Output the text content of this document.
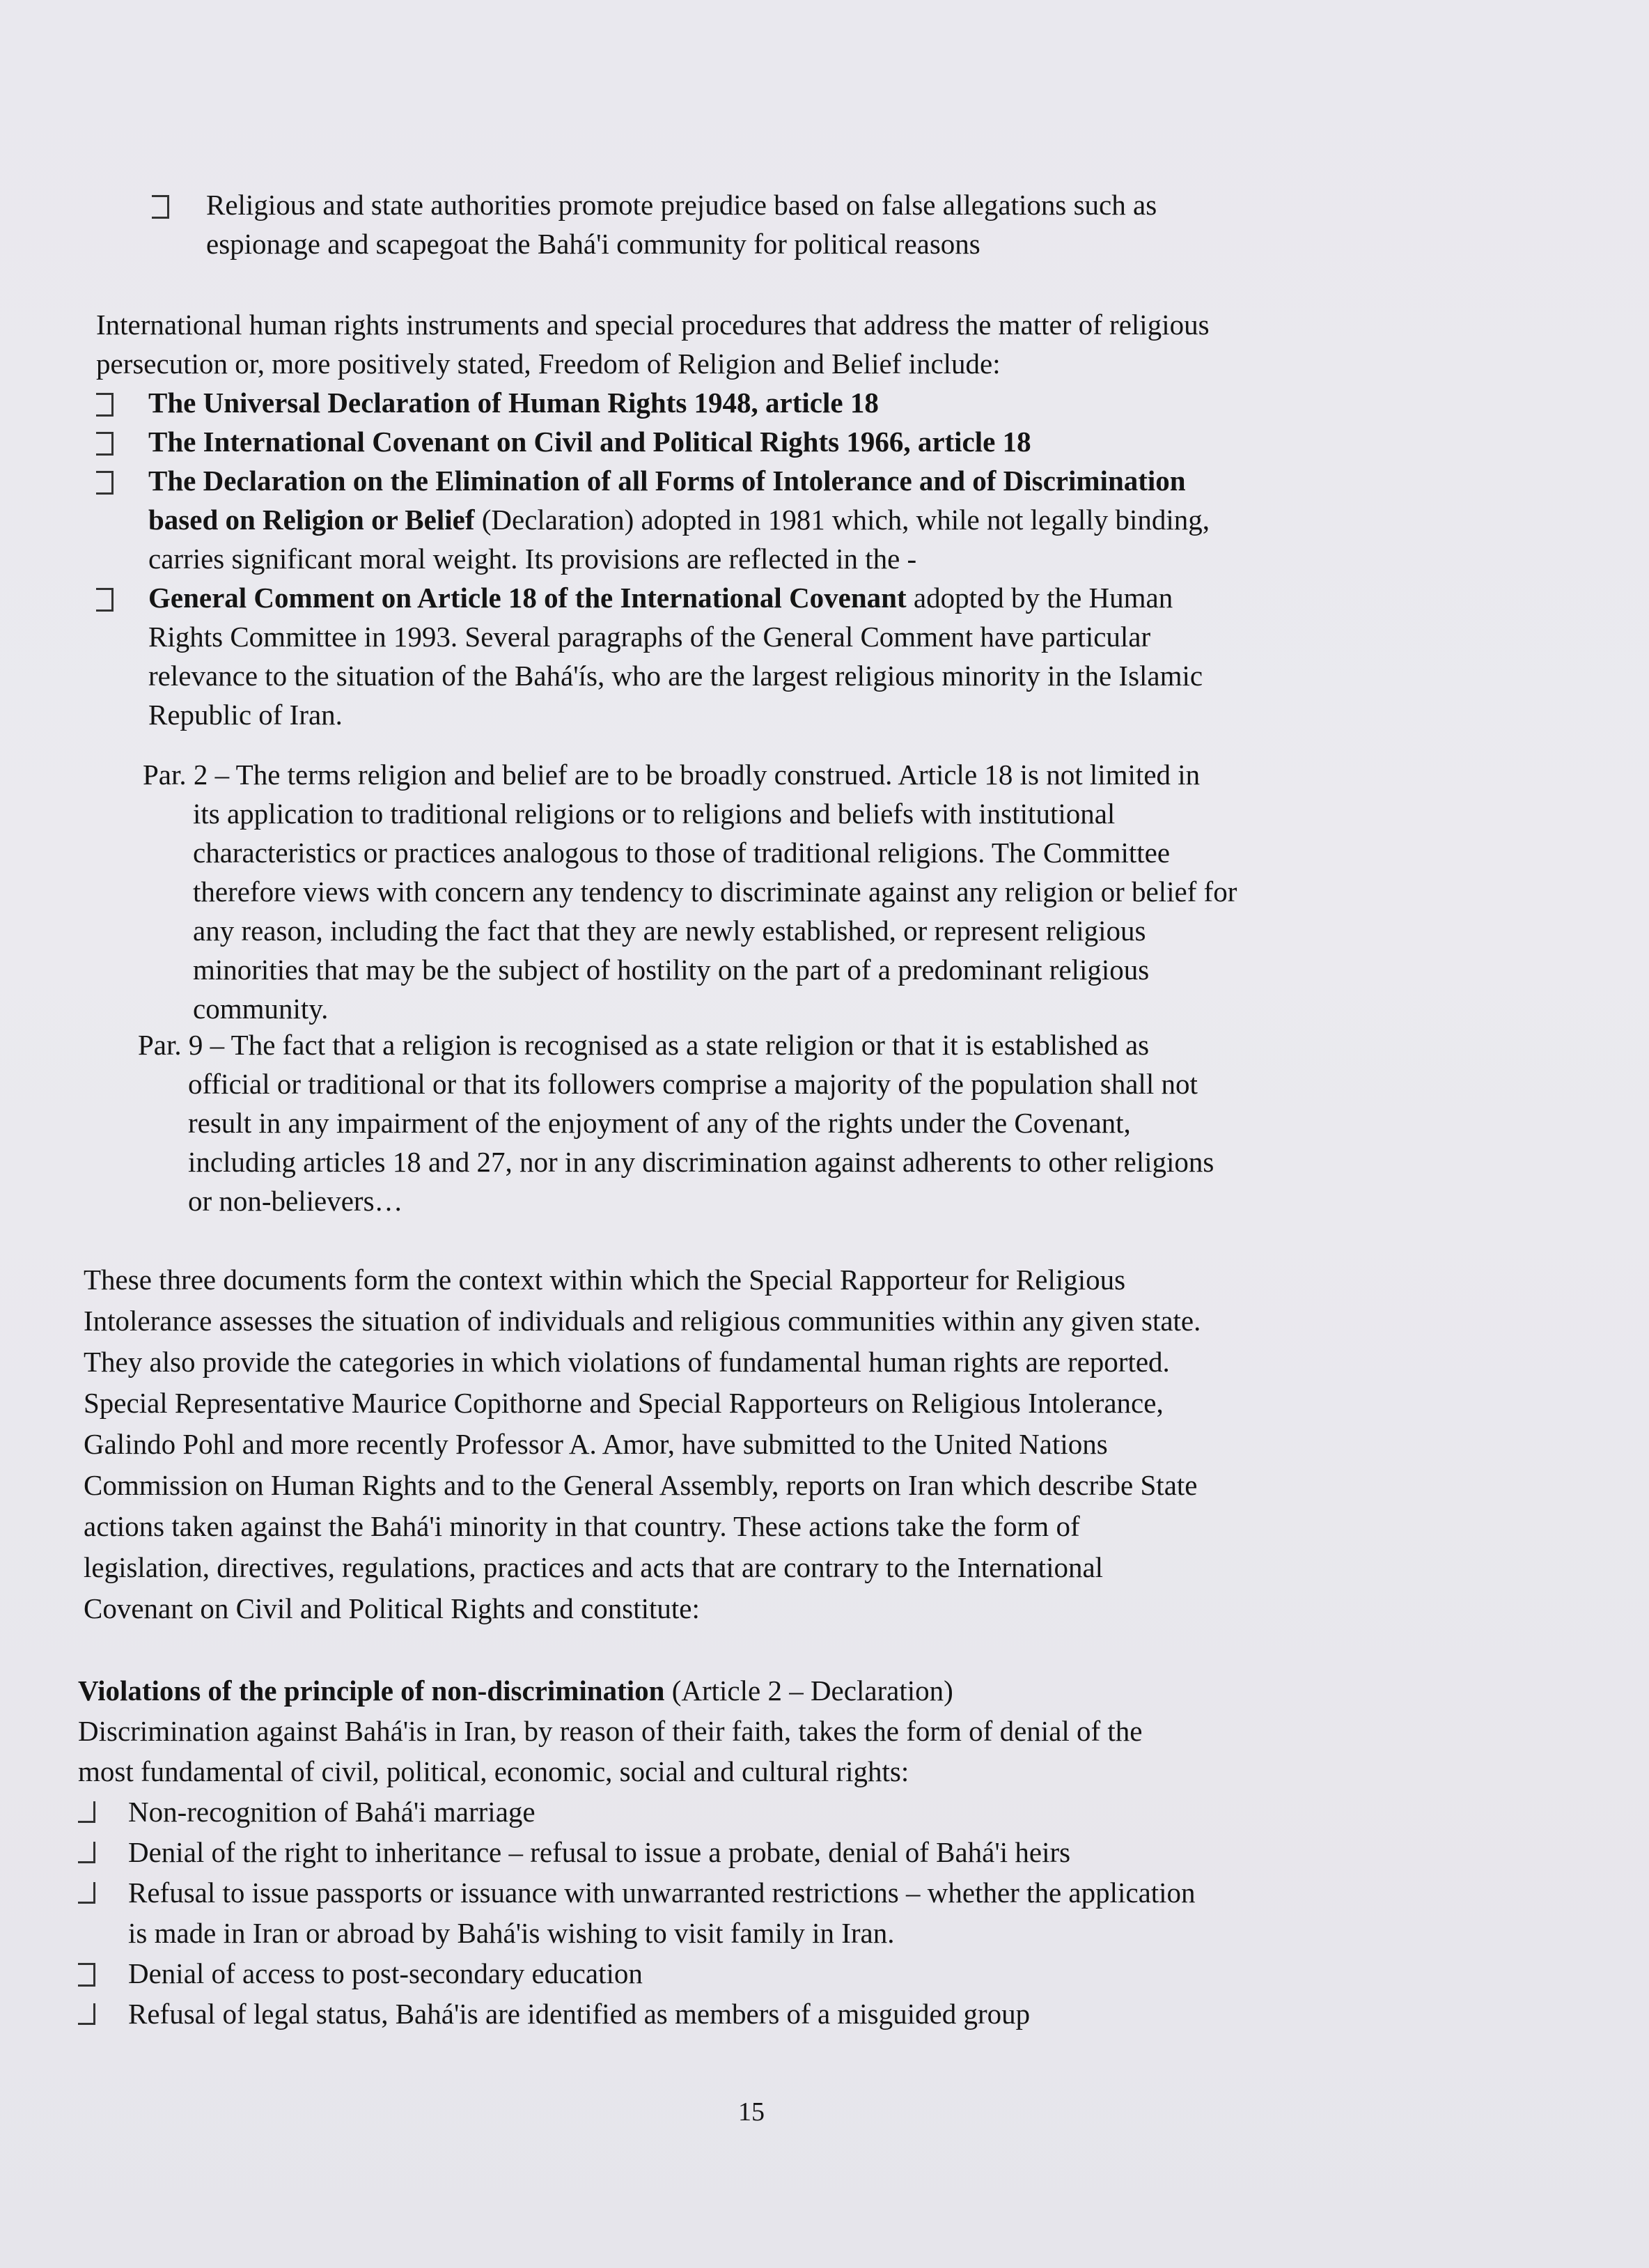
Religious and state authorities promote prejudice based on false allegations such as
espionage and scapegoat the Bahá'i community for political reasons
International human rights instruments and special procedures that address the matter of religious
persecution or, more positively stated, Freedom of Religion and Belief include:
The Universal Declaration of Human Rights 1948, article 18
The International Covenant on Civil and Political Rights 1966, article 18
The Declaration on the Elimination of all Forms of Intolerance and of Discrimination
based on Religion or Belief (Declaration) adopted in 1981 which, while not legally binding,
carries significant moral weight. Its provisions are reflected in the -
General Comment on Article 18 of the International Covenant adopted by the Human
Rights Committee in 1993. Several paragraphs of the General Comment have particular
relevance to the situation of the Bahá'ís, who are the largest religious minority in the Islamic
Republic of Iran.
Par. 2 – The terms religion and belief are to be broadly construed. Article 18 is not limited in
its application to traditional religions or to religions and beliefs with institutional
characteristics or practices analogous to those of traditional religions. The Committee
therefore views with concern any tendency to discriminate against any religion or belief for
any reason, including the fact that they are newly established, or represent religious
minorities that may be the subject of hostility on the part of a predominant religious
community.
Par. 9 – The fact that a religion is recognised as a state religion or that it is established as
official or traditional or that its followers comprise a majority of the population shall not
result in any impairment of the enjoyment of any of the rights under the Covenant,
including articles 18 and 27, nor in any discrimination against adherents to other religions
or non-believers…
These three documents form the context within which the Special Rapporteur for Religious
Intolerance assesses the situation of individuals and religious communities within any given state.
They also provide the categories in which violations of fundamental human rights are reported.
Special Representative Maurice Copithorne and Special Rapporteurs on Religious Intolerance,
Galindo Pohl and more recently Professor A. Amor, have submitted to the United Nations
Commission on Human Rights and to the General Assembly, reports on Iran which describe State
actions taken against the Bahá'i minority in that country. These actions take the form of
legislation, directives, regulations, practices and acts that are contrary to the International
Covenant on Civil and Political Rights and constitute:
Violations of the principle of non-discrimination (Article 2 – Declaration)
Discrimination against Bahá'is in Iran, by reason of their faith, takes the form of denial of the
most fundamental of civil, political, economic, social and cultural rights:
Non-recognition of Bahá'i marriage
Denial of the right to inheritance – refusal to issue a probate, denial of Bahá'i heirs
Refusal to issue passports or issuance with unwarranted restrictions – whether the application
is made in Iran or abroad by Bahá'is wishing to visit family in Iran.
Denial of access to post-secondary education
Refusal of legal status, Bahá'is are identified as members of a misguided group
15
